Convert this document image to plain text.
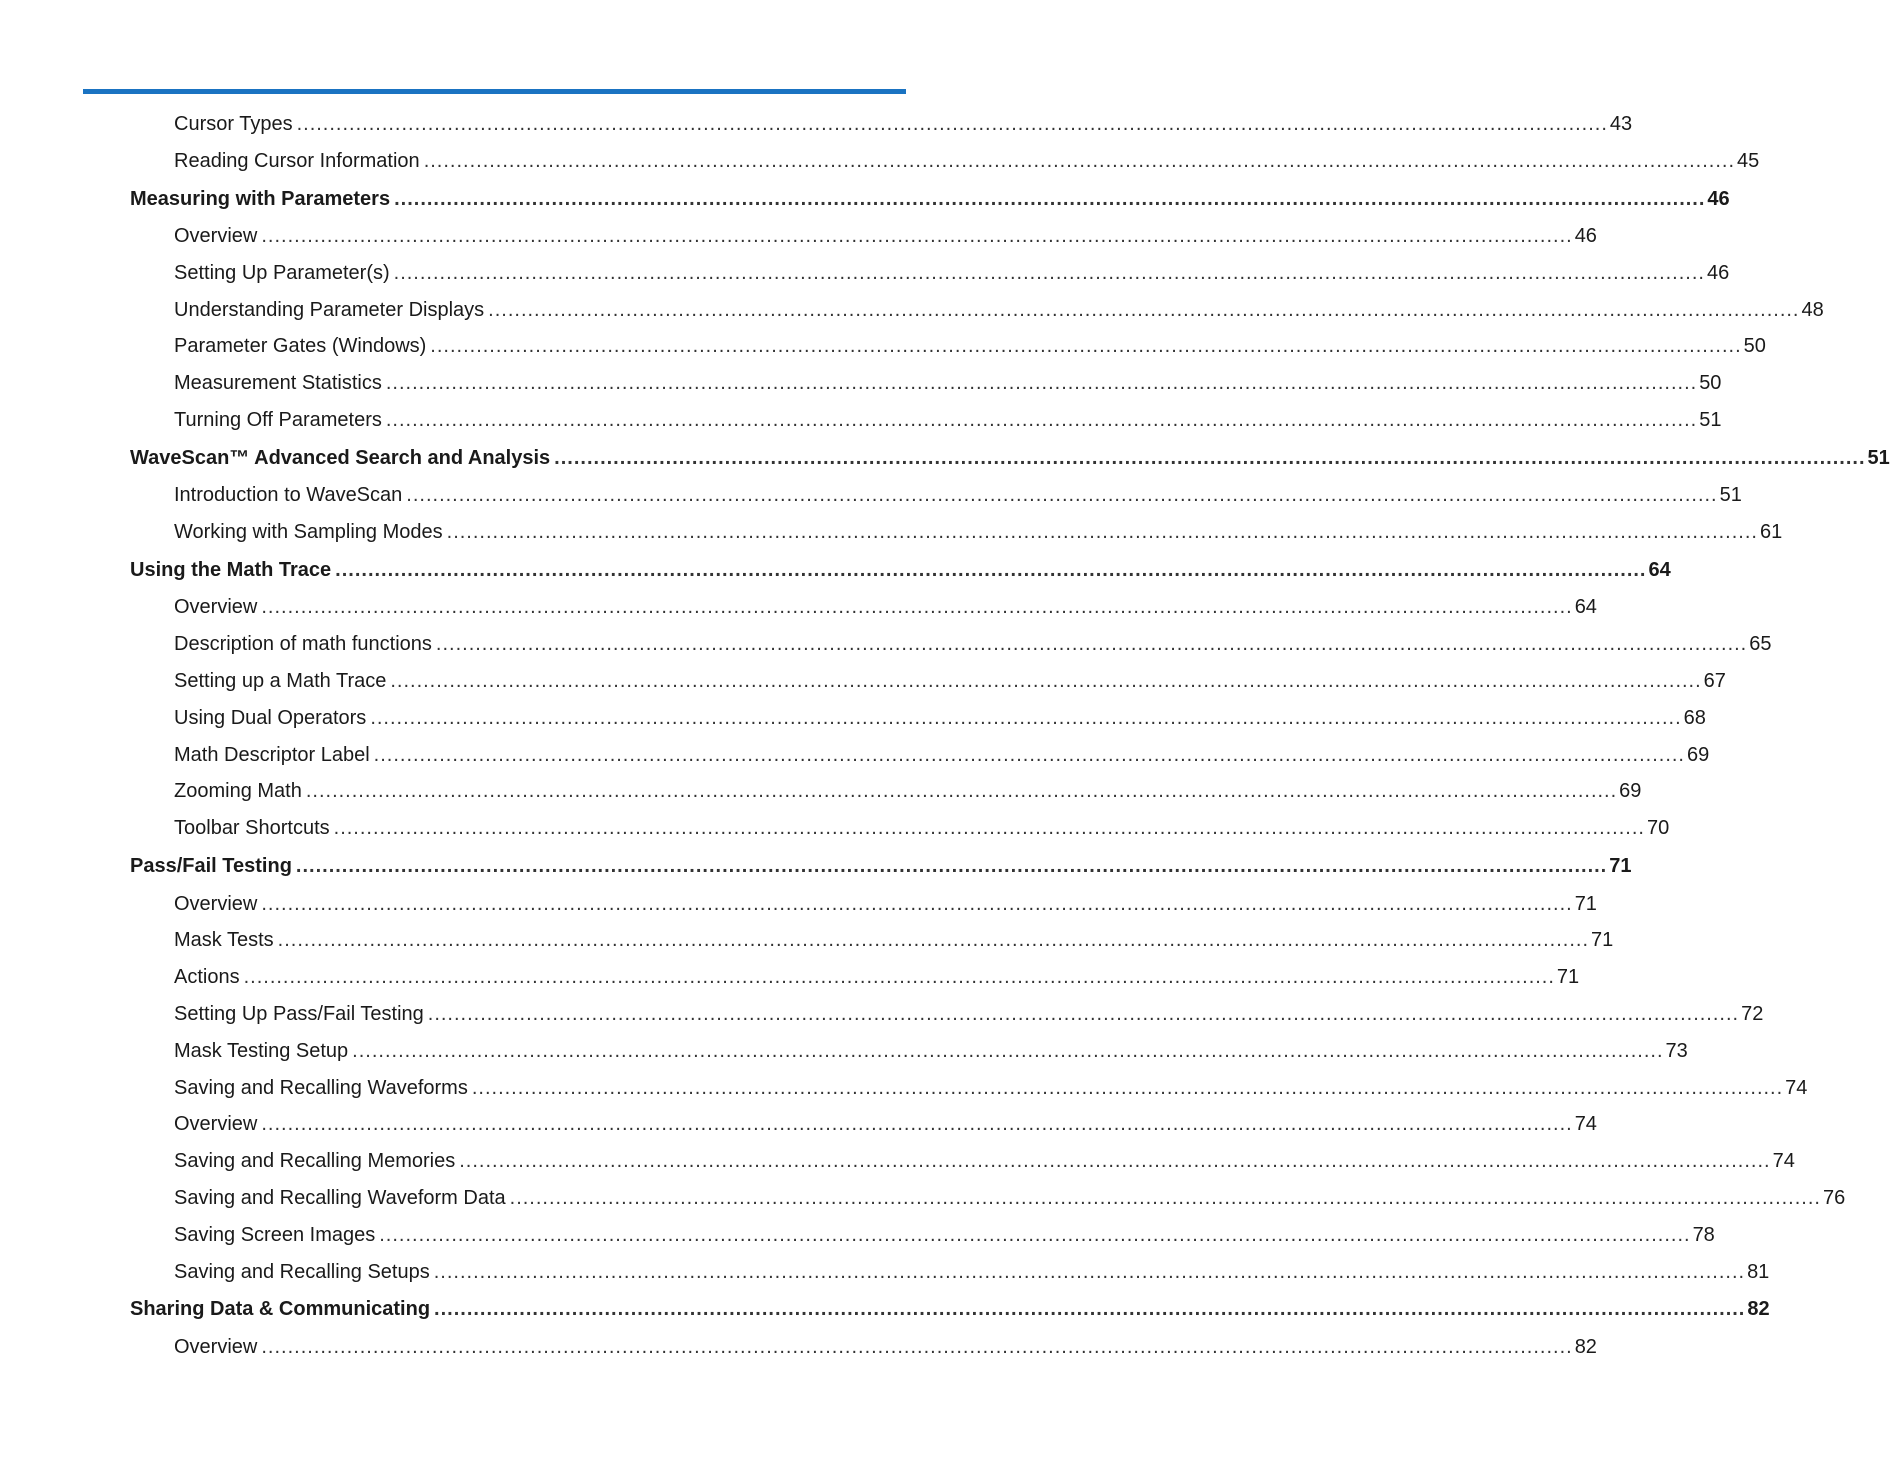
Cursor Types ........................................................................................................................................................................................................ 43
Reading Cursor Information ........................................................................................................................................................................................................ 45
Measuring with Parameters ........................................................................................................................................................................................................ 46
Overview ........................................................................................................................................................................................................ 46
Setting Up Parameter(s) ........................................................................................................................................................................................................ 46
Understanding Parameter Displays ........................................................................................................................................................................................................ 48
Parameter Gates (Windows) ........................................................................................................................................................................................................ 50
Measurement Statistics ........................................................................................................................................................................................................ 50
Turning Off Parameters ........................................................................................................................................................................................................ 51
WaveScan™ Advanced Search and Analysis ........................................................................................................................................................................................................ 51
Introduction to WaveScan ........................................................................................................................................................................................................ 51
Working with Sampling Modes ........................................................................................................................................................................................................ 61
Using the Math Trace ........................................................................................................................................................................................................ 64
Overview ........................................................................................................................................................................................................ 64
Description of math functions ........................................................................................................................................................................................................ 65
Setting up a Math Trace ........................................................................................................................................................................................................ 67
Using Dual Operators ........................................................................................................................................................................................................ 68
Math Descriptor Label ........................................................................................................................................................................................................ 69
Zooming Math ........................................................................................................................................................................................................ 69
Toolbar Shortcuts ........................................................................................................................................................................................................ 70
Pass/Fail Testing ........................................................................................................................................................................................................ 71
Overview ........................................................................................................................................................................................................ 71
Mask Tests ........................................................................................................................................................................................................ 71
Actions ........................................................................................................................................................................................................ 71
Setting Up Pass/Fail Testing ........................................................................................................................................................................................................ 72
Mask Testing Setup ........................................................................................................................................................................................................ 73
Saving and Recalling Waveforms ........................................................................................................................................................................................................ 74
Overview ........................................................................................................................................................................................................ 74
Saving and Recalling Memories ........................................................................................................................................................................................................ 74
Saving and Recalling Waveform Data ........................................................................................................................................................................................................ 76
Saving Screen Images ........................................................................................................................................................................................................ 78
Saving and Recalling Setups ........................................................................................................................................................................................................ 81
Sharing Data & Communicating ........................................................................................................................................................................................................ 82
Overview ........................................................................................................................................................................................................ 82
